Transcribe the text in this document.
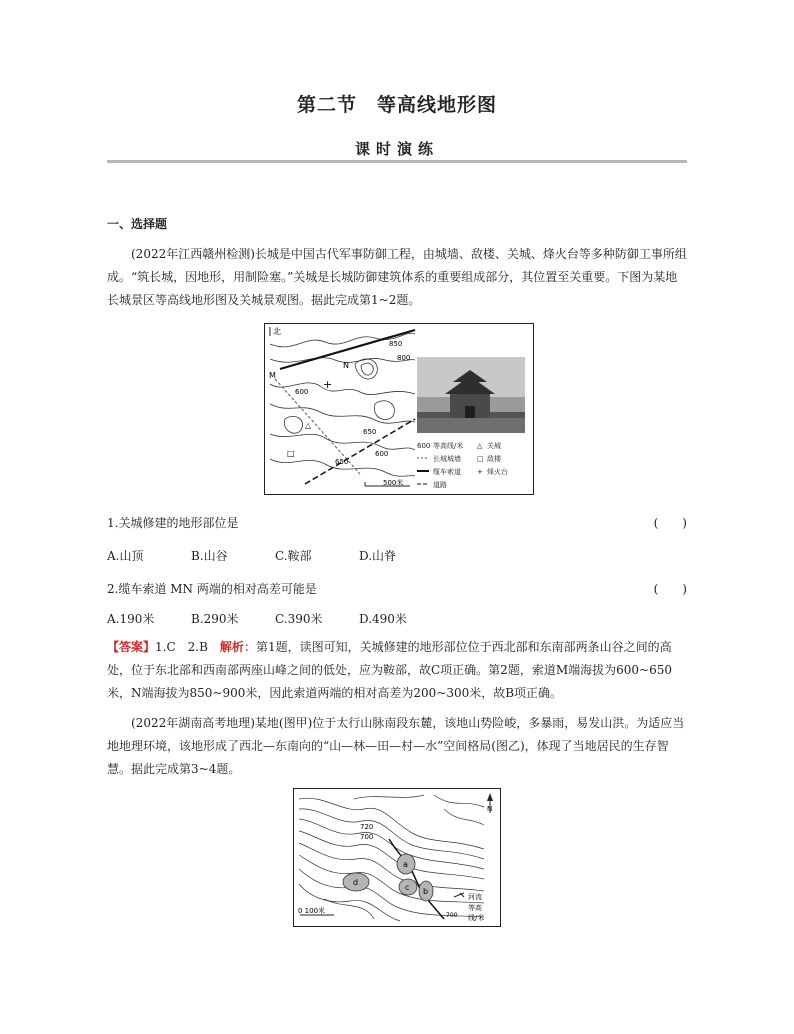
第二节　等高线地形图
课时演练
一、选择题
(2022年江西赣州检测)长城是中国古代军事防御工程，由城墙、敌楼、关城、烽火台等多种防御工事所组成。“筑长城，因地形，用制险塞。”关城是长城防御建筑体系的重要组成部分，其位置至关重要。下图为某地长城景区等高线地形图及关城景观图。据此完成第1~2题。
北
M
N
850
800
600
650
600
650
+
△
□
500米
600 等高线/米 △ 关城
长城城墙 □ 敌楼
缆车索道 + 烽火台
道路
1.关城修建的地形部位是	(　　)
A.山顶	B.山谷	C.鞍部	D.山脊
2.缆车索道 MN 两端的相对高差可能是	(　　)
A.190米	B.290米	C.390米	D.490米
【答案】1.C　2.B　解析：第1题，读图可知，关城修建的地形部位位于西北部和东南部两条山谷之间的高处，位于东北部和西南部两座山峰之间的低处，应为鞍部，故C项正确。第2题，索道M端海拔为600~650米，N端海拔为850~900米，因此索道两端的相对高差为200~300米，故B项正确。
(2022年湖南高考地理)某地(图甲)位于太行山脉南段东麓，该地山势险峻，多暴雨，易发山洪。为适应当地地理环境，该地形成了西北—东南向的“山—林—田—村—水”空间格局(图乙)，体现了当地居民的生存智慧。据此完成第3~4题。
a
b
c
d
720
700
N
0 100米
河流
等高
700 线/米
